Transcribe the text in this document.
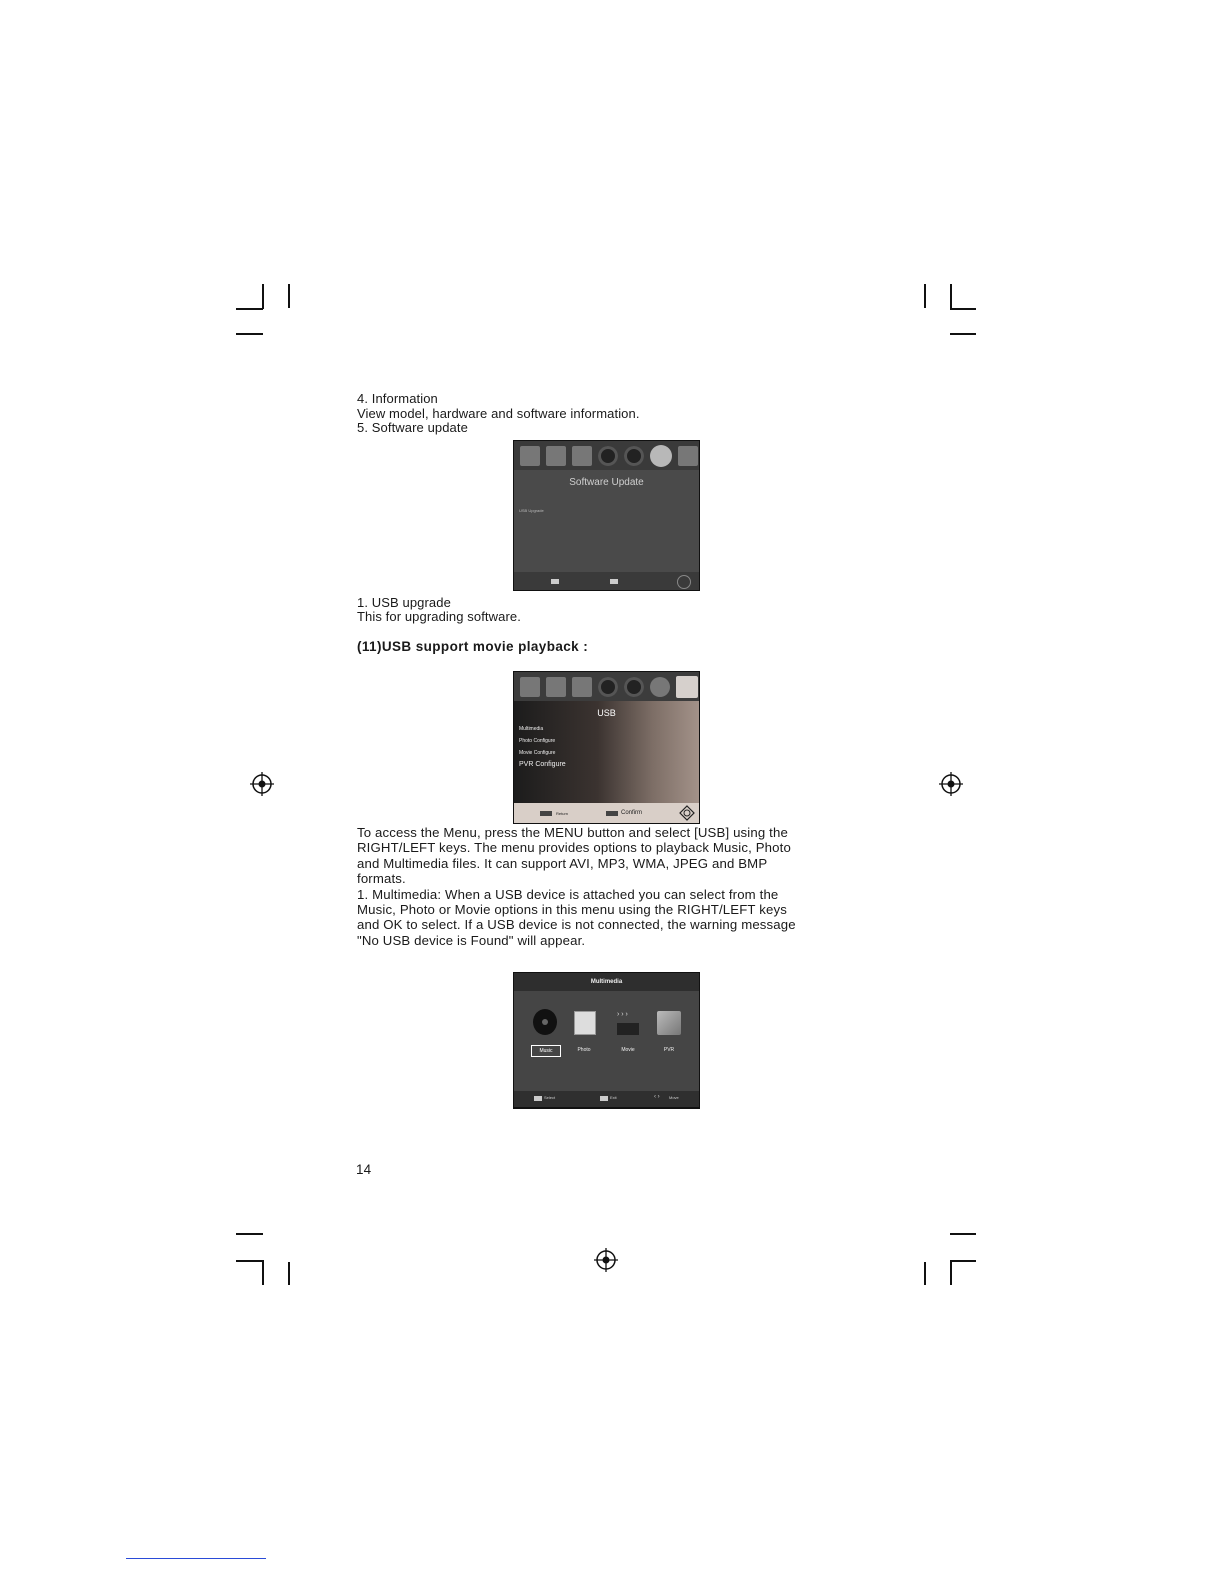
4. Information
View model, hardware and software information.
5. Software update
Software Update
USB Upgrade
1. USB upgrade
This for upgrading software.
(11)USB support movie playback :
USB
Multimedia
Photo Configure
Movie Configure
PVR Configure
Return	Confirm
To access the Menu, press the MENU button and select [USB] using the
RIGHT/LEFT keys. The menu provides options to playback Music, Photo
and Multimedia files. It can support AVI, MP3, WMA, JPEG and BMP
formats.
1. Multimedia: When a USB device is attached you can select from the
Music, Photo or Movie options in this menu using the RIGHT/LEFT keys
and OK to select. If a USB device is not connected, the warning message
"No USB device is Found" will appear.
Multimedia
› › ›
Music	Photo	Movie	PVR
Select	Exit	‹ › Move
14
